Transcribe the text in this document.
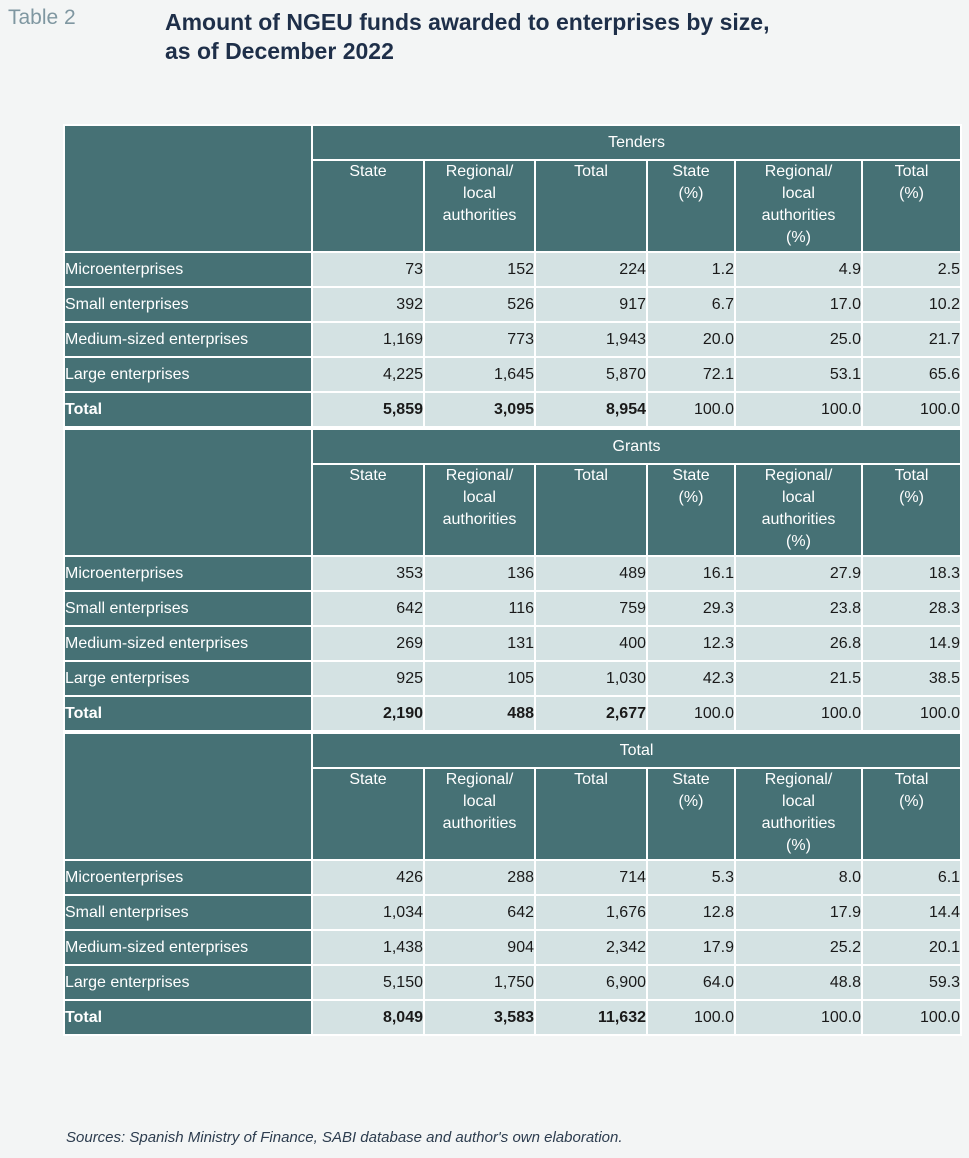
Table 2	Amount of NGEU funds awarded to enterprises by size,
as of December 2022
	Tenders					

	State	Regional/
local
authorities	Total	State
(%)	Regional/
local
authorities
(%)	Total
(%)

Microenterprises	73	152	224	1.2	4.9	2.5
Small enterprises	392	526	917	6.7	17.0	10.2
Medium-sized enterprises	1,169	773	1,943	20.0	25.0	21.7
Large enterprises	4,225	1,645	5,870	72.1	53.1	65.6
Total	5,859	3,095	8,954	100.0	100.0	100.0
	Grants					

	State	Regional/
local
authorities	Total	State
(%)	Regional/
local
authorities
(%)	Total
(%)

Microenterprises	353	136	489	16.1	27.9	18.3
Small enterprises	642	116	759	29.3	23.8	28.3
Medium-sized enterprises	269	131	400	12.3	26.8	14.9
Large enterprises	925	105	1,030	42.3	21.5	38.5
Total	2,190	488	2,677	100.0	100.0	100.0
	Total					

	State	Regional/
local
authorities	Total	State
(%)	Regional/
local
authorities
(%)	Total
(%)

Microenterprises	426	288	714	5.3	8.0	6.1
Small enterprises	1,034	642	1,676	12.8	17.9	14.4
Medium-sized enterprises	1,438	904	2,342	17.9	25.2	20.1
Large enterprises	5,150	1,750	6,900	64.0	48.8	59.3
Total	8,049	3,583	11,632	100.0	100.0	100.0
Sources: Spanish Ministry of Finance, SABI database and author's own elaboration.
